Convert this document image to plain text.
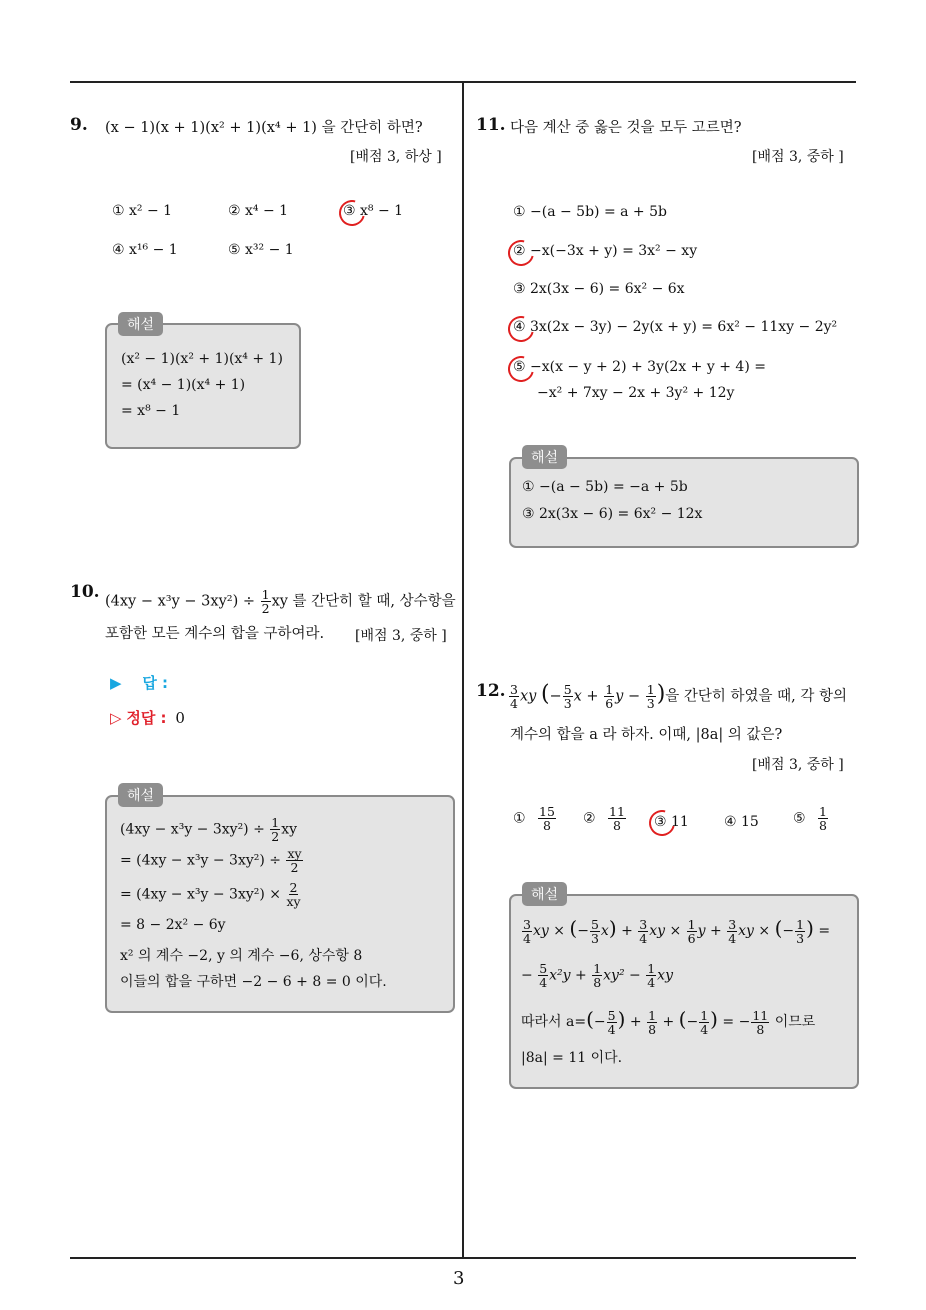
3
9. (x − 1)(x + 1)(x² + 1)(x⁴ + 1) 을 간단히 하면?
[배점 3, 하상 ]
① x² − 1	② x⁴ − 1	③ x⁸ − 1
④ x¹⁶ − 1	⑤ x³² − 1
해설
(x² − 1)(x² + 1)(x⁴ + 1)
= (x⁴ − 1)(x⁴ + 1)
= x⁸ − 1
10. $(4xy - x^3y - 3xy^2) \div \frac{1}{2}$ xy 를 간단히 할 때, 상수항을
포함한 모든 계수의 합을 구하여라. [배점 3, 중하 ]
▶ 답 :
▷ 정답 : 0
해설
$(4xy - x^3y - 3xy^2) \div \frac{1}{2}$ xy
= $(4xy - x^3y - 3xy^2) \div \frac{xy}{2}$
= $(4xy - x^3y - 3xy^2) \times \frac{2}{xy}$
= 8 − 2x² − 6y
x² 의 계수 −2, y 의 계수 −6, 상수항 8
이들의 합을 구하면 −2 − 6 + 8 = 0 이다.
11. 다음 계산 중 옳은 것을 모두 고르면?
[배점 3, 중하 ]
① −(a − 5b) = a + 5b
② −x(−3x + y) = 3x² − xy
③ 2x(3x − 6) = 6x² − 6x
④ 3x(2x − 3y) − 2y(x + y) = 6x² − 11xy − 2y²
⑤ −x(x − y + 2) + 3y(2x + y + 4) =
−x² + 7xy − 2x + 3y² + 12y
해설
① −(a − 5b) = −a + 5b
③ 2x(3x − 6) = 6x² − 12x
12. $\frac{3}{4}$ xy (− $\frac{5}{3}$ $x + \frac{1}{6}$ $y - \frac{1}{3}$ )을 간단히 하였을 때, 각 항의
계수의 합을 a 라 하자. 이때, |8a| 의 값은?
[배점 3, 중하 ]
① $\frac{15}{8}$ ② $\frac{11}{8}$ ③ 11	④ 15 ⑤ $\frac{1}{8}$
해설
$\frac{3}{4}$ xy × (− $\frac{5}{3} x) + \frac{3}{4}$ xy × $\frac{1}{6}$ $y + \frac{3}{4}$ xy × (− $\frac{1}{3}$ ) =
− $\frac{5}{4} x^2y + \frac{1}{8} xy^2 - \frac{1}{4}$ xy
따라서 $a=(- \frac{5}{4}$ ) + $\frac{1}{8}$ + (− $\frac{1}{4}$ ) = − $\frac{11}{8}$ 이므로
|8a| = 11 이다.
